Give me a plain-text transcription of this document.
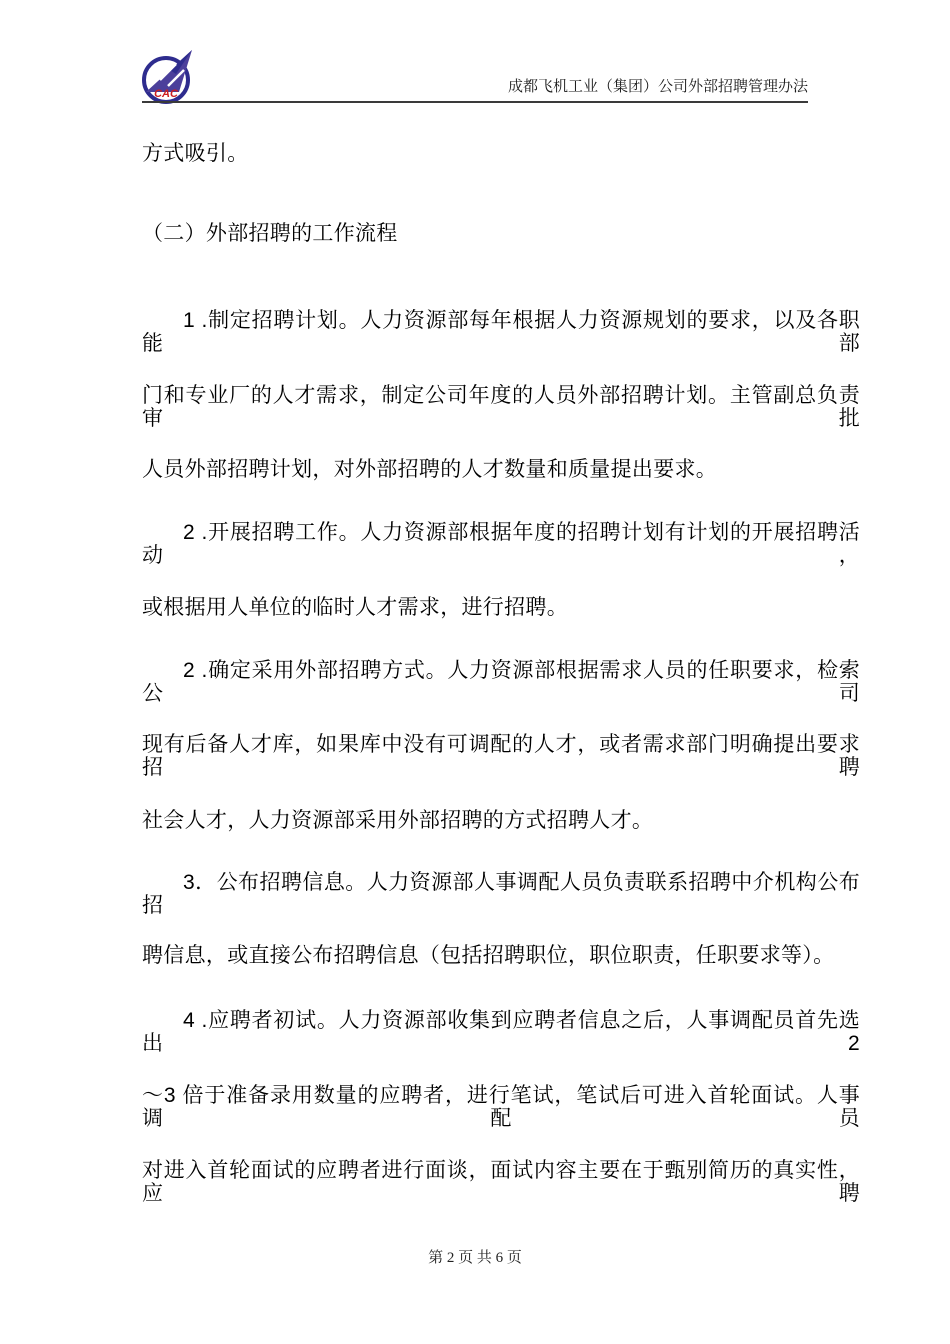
CAC	成都飞机工业（集团）公司外部招聘管理办法
方式吸引。
（二）外部招聘的工作流程
1 .制定招聘计划。人力资源部每年根据人力资源规划的要求，以及各职能部
门和专业厂的人才需求，制定公司年度的人员外部招聘计划。主管副总负责审批
人员外部招聘计划，对外部招聘的人才数量和质量提出要求。
2 .开展招聘工作。人力资源部根据年度的招聘计划有计划的开展招聘活动，
或根据用人单位的临时人才需求，进行招聘。
2 .确定采用外部招聘方式。人力资源部根据需求人员的任职要求，检索公司
现有后备人才库，如果库中没有可调配的人才，或者需求部门明确提出要求招聘
社会人才，人力资源部采用外部招聘的方式招聘人才。
3．公布招聘信息。人力资源部人事调配人员负责联系招聘中介机构公布招
聘信息，或直接公布招聘信息（包括招聘职位，职位职责，任职要求等）。
4 .应聘者初试。人力资源部收集到应聘者信息之后，人事调配员首先选出 2
～3 倍于准备录用数量的应聘者，进行笔试，笔试后可进入首轮面试。人事调配员
对进入首轮面试的应聘者进行面谈，面试内容主要在于甄别简历的真实性，应聘
第 2 页 共 6 页
